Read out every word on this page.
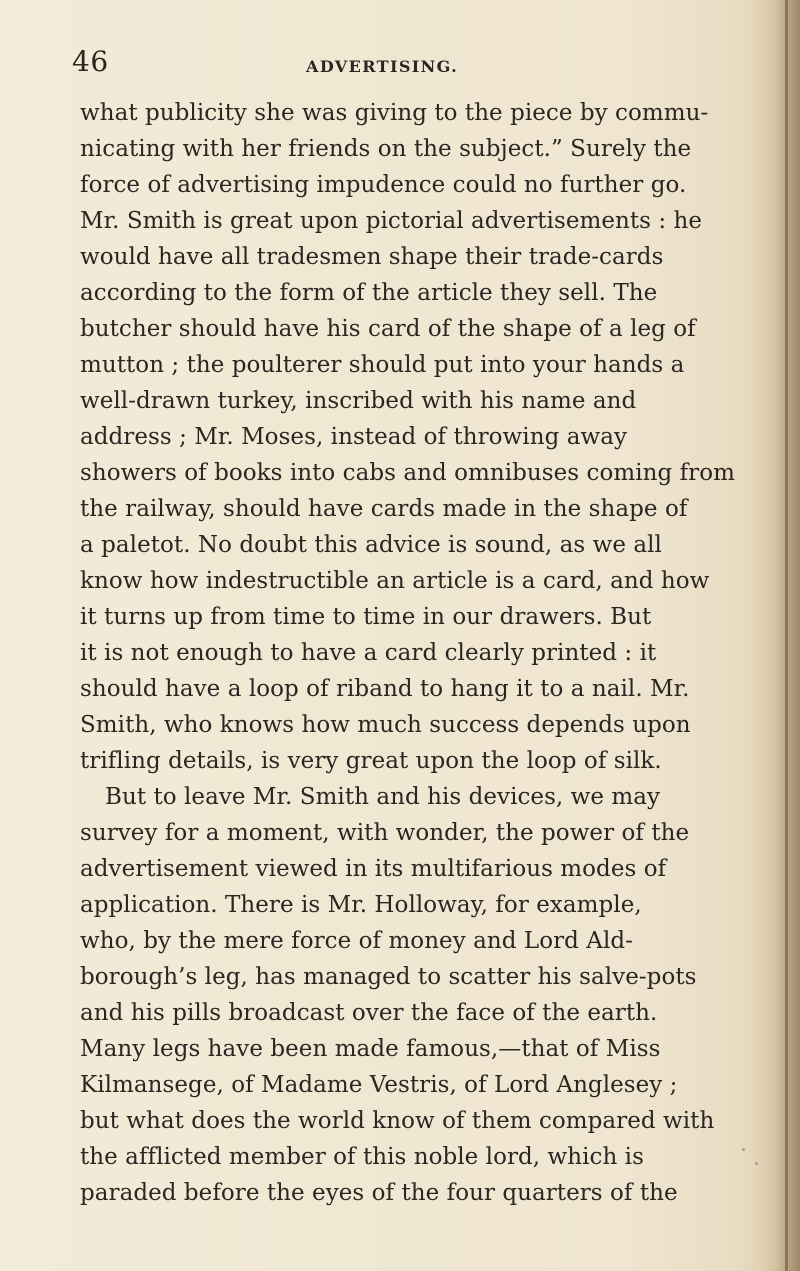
46	ADVERTISING.
what publicity she was giving to the piece by commu-
nicating with her friends on the subject.” Surely the
force of advertising impudence could no further go.
Mr. Smith is great upon pictorial advertisements : he
would have all tradesmen shape their trade-cards
according to the form of the article they sell. The
butcher should have his card of the shape of a leg of
mutton ; the poulterer should put into your hands a
well-drawn turkey, inscribed with his name and
address ; Mr. Moses, instead of throwing away
showers of books into cabs and omnibuses coming from
the railway, should have cards made in the shape of
a paletot. No doubt this advice is sound, as we all
know how indestructible an article is a card, and how
it turns up from time to time in our drawers. But
it is not enough to have a card clearly printed : it
should have a loop of riband to hang it to a nail. Mr.
Smith, who knows how much success depends upon
trifling details, is very great upon the loop of silk.
But to leave Mr. Smith and his devices, we may
survey for a moment, with wonder, the power of the
advertisement viewed in its multifarious modes of
application. There is Mr. Holloway, for example,
who, by the mere force of money and Lord Ald-
borough’s leg, has managed to scatter his salve-pots
and his pills broadcast over the face of the earth.
Many legs have been made famous,—that of Miss
Kilmansege, of Madame Vestris, of Lord Anglesey ;
but what does the world know of them compared with
the afflicted member of this noble lord, which is
paraded before the eyes of the four quarters of the
